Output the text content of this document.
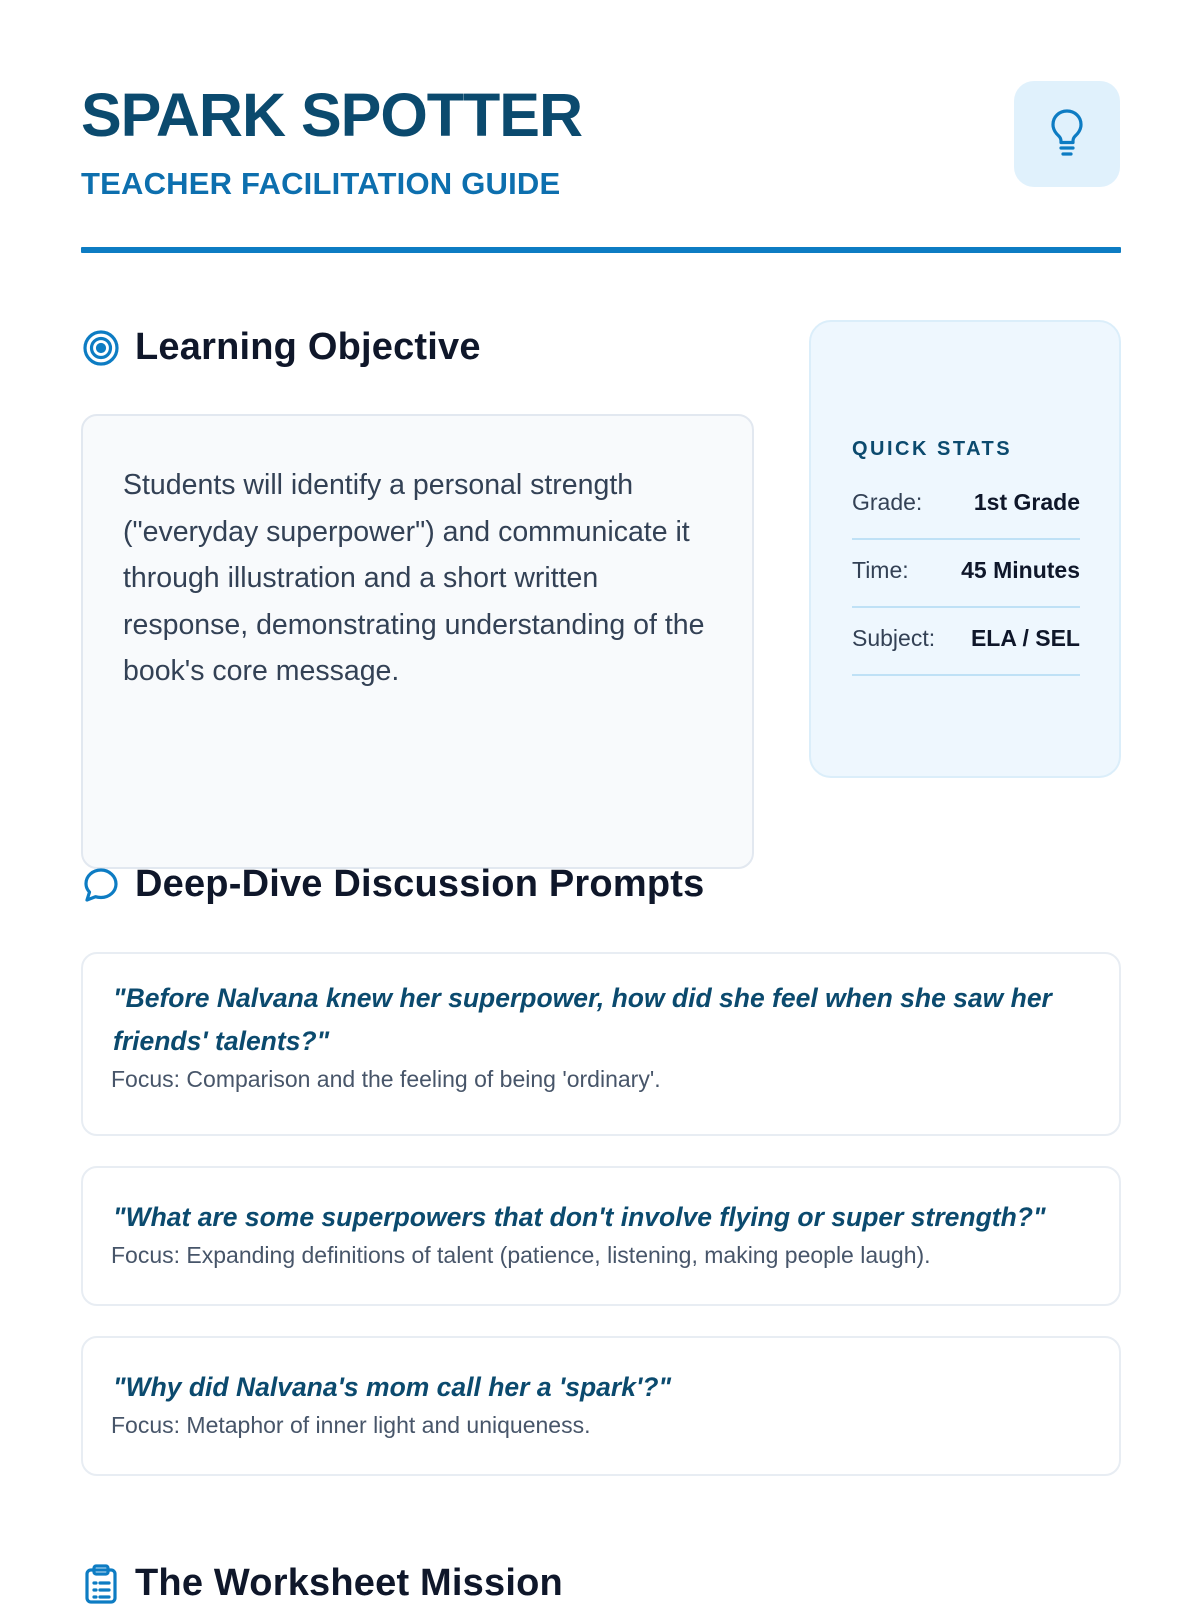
SPARK SPOTTER
TEACHER FACILITATION GUIDE
Learning Objective

Students will identify a personal strength ("everyday superpower") and communicate it through illustration and a short written response, demonstrating understanding of the book's core message.

QUICK STATS
Grade: 1st Grade
Time: 45 Minutes
Subject: ELA / SEL
Deep-Dive Discussion Prompts

"Before Nalvana knew her superpower, how did she feel when she saw her friends' talents?"

Focus: Comparison and the feeling of being 'ordinary'.

"What are some superpowers that don't involve flying or super strength?"

Focus: Expanding definitions of talent (patience, listening, making people laugh).

"Why did Nalvana's mom call her a 'spark'?"

Focus: Metaphor of inner light and uniqueness.

The Worksheet Mission
